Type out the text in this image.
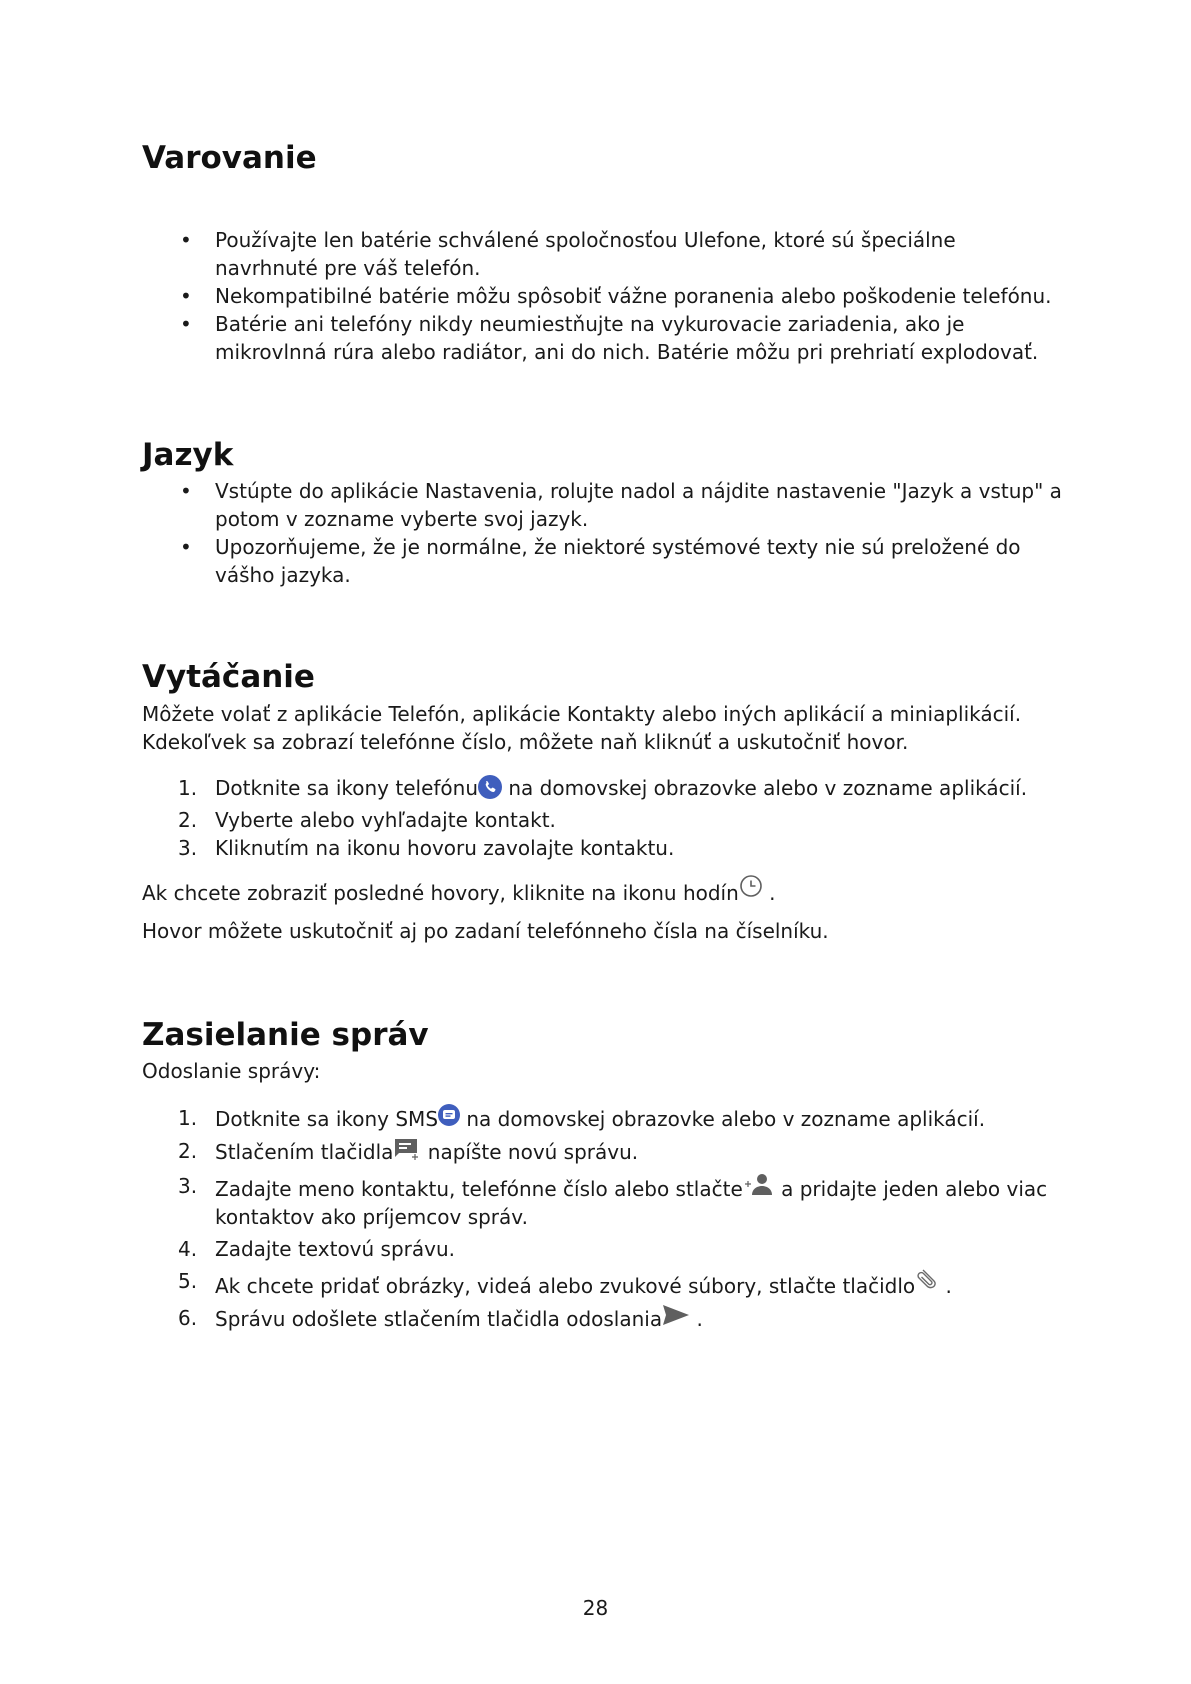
Varovanie
• Používajte len batérie schválené spoločnosťou Ulefone, ktoré sú špeciálne navrhnuté pre váš telefón.
• Nekompatibilné batérie môžu spôsobiť vážne poranenia alebo poškodenie telefónu.
• Batérie ani telefóny nikdy neumiestňujte na vykurovacie zariadenia, ako je mikrovlnná rúra alebo radiátor, ani do nich. Batérie môžu pri prehriatí explodovať.
Jazyk
• Vstúpte do aplikácie Nastavenia, rolujte nadol a nájdite nastavenie "Jazyk a vstup" a potom v zozname vyberte svoj jazyk.
• Upozorňujeme, že je normálne, že niektoré systémové texty nie sú preložené do vášho jazyka.
Vytáčanie

Môžete volať z aplikácie Telefón, aplikácie Kontakty alebo iných aplikácií a miniaplikácií. Kdekoľvek sa zobrazí telefónne číslo, môžete naň kliknúť a uskutočniť hovor.

1. Dotknite sa ikony telefónu na domovskej obrazovke alebo v zozname aplikácií.
2. Vyberte alebo vyhľadajte kontakt.
3. Kliknutím na ikonu hovoru zavolajte kontaktu.

Ak chcete zobraziť posledné hovory, kliknite na ikonu hodín .

Hovor môžete uskutočniť aj po zadaní telefónneho čísla na číselníku.

Zasielanie správ

Odoslanie správy:

1. Dotknite sa ikony SMS na domovskej obrazovke alebo v zozname aplikácií.
2. Stlačením tlačidla napíšte novú správu.
3. Zadajte meno kontaktu, telefónne číslo alebo stlačte a pridajte jeden alebo viac kontaktov ako príjemcov správ.
4. Zadajte textovú správu.
5. Ak chcete pridať obrázky, videá alebo zvukové súbory, stlačte tlačidlo .
6. Správu odošlete stlačením tlačidla odoslania .
28
